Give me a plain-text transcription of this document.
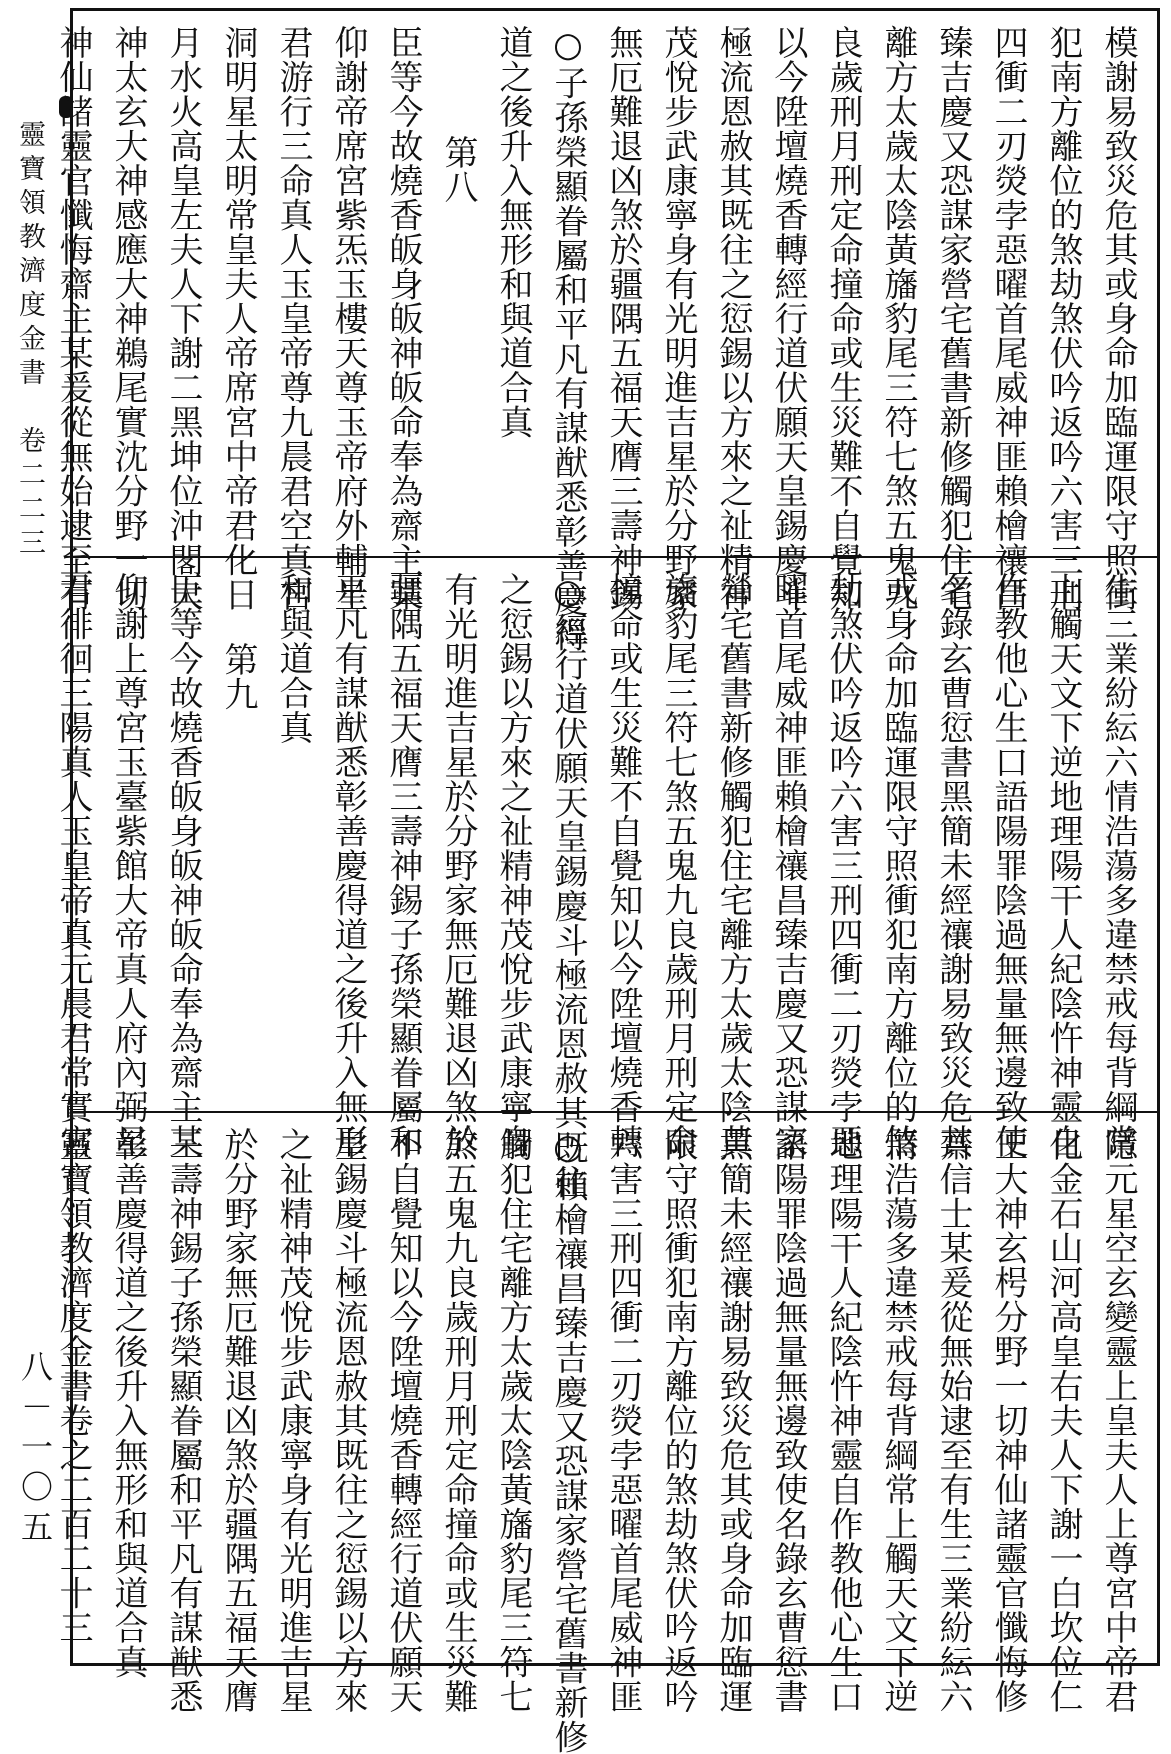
靈寶領教濟度金書　卷二二三
八－一〇五
模謝易致災危其或身命加臨運限守照衝
犯南方離位的煞劫煞伏吟返吟六害三刑
四衝二刃熒孛惡曜首尾威神匪賴檜禳昌
臻吉慶又恐謀家營宅舊書新修觸犯住宅
離方太歲太陰黃旛豹尾三符七煞五鬼九
良歲刑月刑定命撞命或生災難不自覺知
以今陞壇燒香轉經行道伏願天皇錫慶斗
極流恩赦其既往之愆錫以方來之祉精神
茂悅步武康寧身有光明進吉星於分野家
無厄難退凶煞於疆隅五福天膺三壽神錫
○子孫榮顯眷屬和平凡有謀猷悉彰善慶得
道之後升入無形和與道合真
第八
臣等今故燒香皈身皈神皈命奉為齋主某
仰謝帝席宮紫炁玉樓天尊玉帝府外輔星
君游行三命真人玉皇帝尊九晨君空真宮
洞明星太明常皇夫人帝席宮中帝君化日
月水火高皇左夫人下謝二黑坤位沖閣大
神太玄大神感應大神鵜尾實沈分野一切
神仙諸靈官懺悔齋主某爰從無始逮至有
生三業紛紜六情浩蕩多違禁戒每背綱常
上觸天文下逆地理陽干人紀陰忤神靈自
作教他心生口語陽罪陰過無量無邊致使
名錄玄曹愆書黑簡未經禳謝易致災危其
或身命加臨運限守照衝犯南方離位的煞
劫煞伏吟返吟六害三刑四衝二刃熒孛惡
曜首尾威神匪賴檜禳昌臻吉慶又恐謀家
營宅舊書新修觸犯住宅離方太歲太陰黃
旛豹尾三符七煞五鬼九良歲刑月刑定命
撞命或生災難不自覺知以今陞壇燒香轉
○經行道伏願天皇錫慶斗極流恩赦其既往
之愆錫以方來之祉精神茂悅步武康寧身
有光明進吉星於分野家無厄難退凶煞於
疆隅五福天膺三壽神錫子孫榮顯眷屬和
平凡有謀猷悉彰善慶得道之後升入無形
和與道合真
第九
臣等今故燒香皈身皈神皈命奉為齋主某
仰謝上尊宮玉臺紫館大帝真人府內弼星
君徘徊三陽真人玉皇帝真元晨君常實宮
隱元星空玄變靈上皇夫人上尊宮中帝君
化金石山河高皇右夫人下謝一白坎位仁
王大神玄枵分野一切神仙諸靈官懺悔修
齋信士某爰從無始逮至有生三業紛紜六
情浩蕩多違禁戒每背綱常上觸天文下逆
地理陽干人紀陰忤神靈自作教他心生口
語陽罪陰過無量無邊致使名錄玄曹愆書
黑簡未經禳謝易致災危其或身命加臨運
限守照衝犯南方離位的煞劫煞伏吟返吟
六害三刑四衝二刃熒孛惡曜首尾威神匪
○賴檜禳昌臻吉慶又恐謀家營宅舊書新修
觸犯住宅離方太歲太陰黃旛豹尾三符七
煞五鬼九良歲刑月刑定命撞命或生災難
不自覺知以今陞壇燒香轉經行道伏願天
皇錫慶斗極流恩赦其既往之愆錫以方來
之祉精神茂悅步武康寧身有光明進吉星
於分野家無厄難退凶煞於疆隅五福天膺
三壽神錫子孫榮顯眷屬和平凡有謀猷悉
彰善慶得道之後升入無形和與道合真
靈寶領教濟度金書卷之二百二十三
